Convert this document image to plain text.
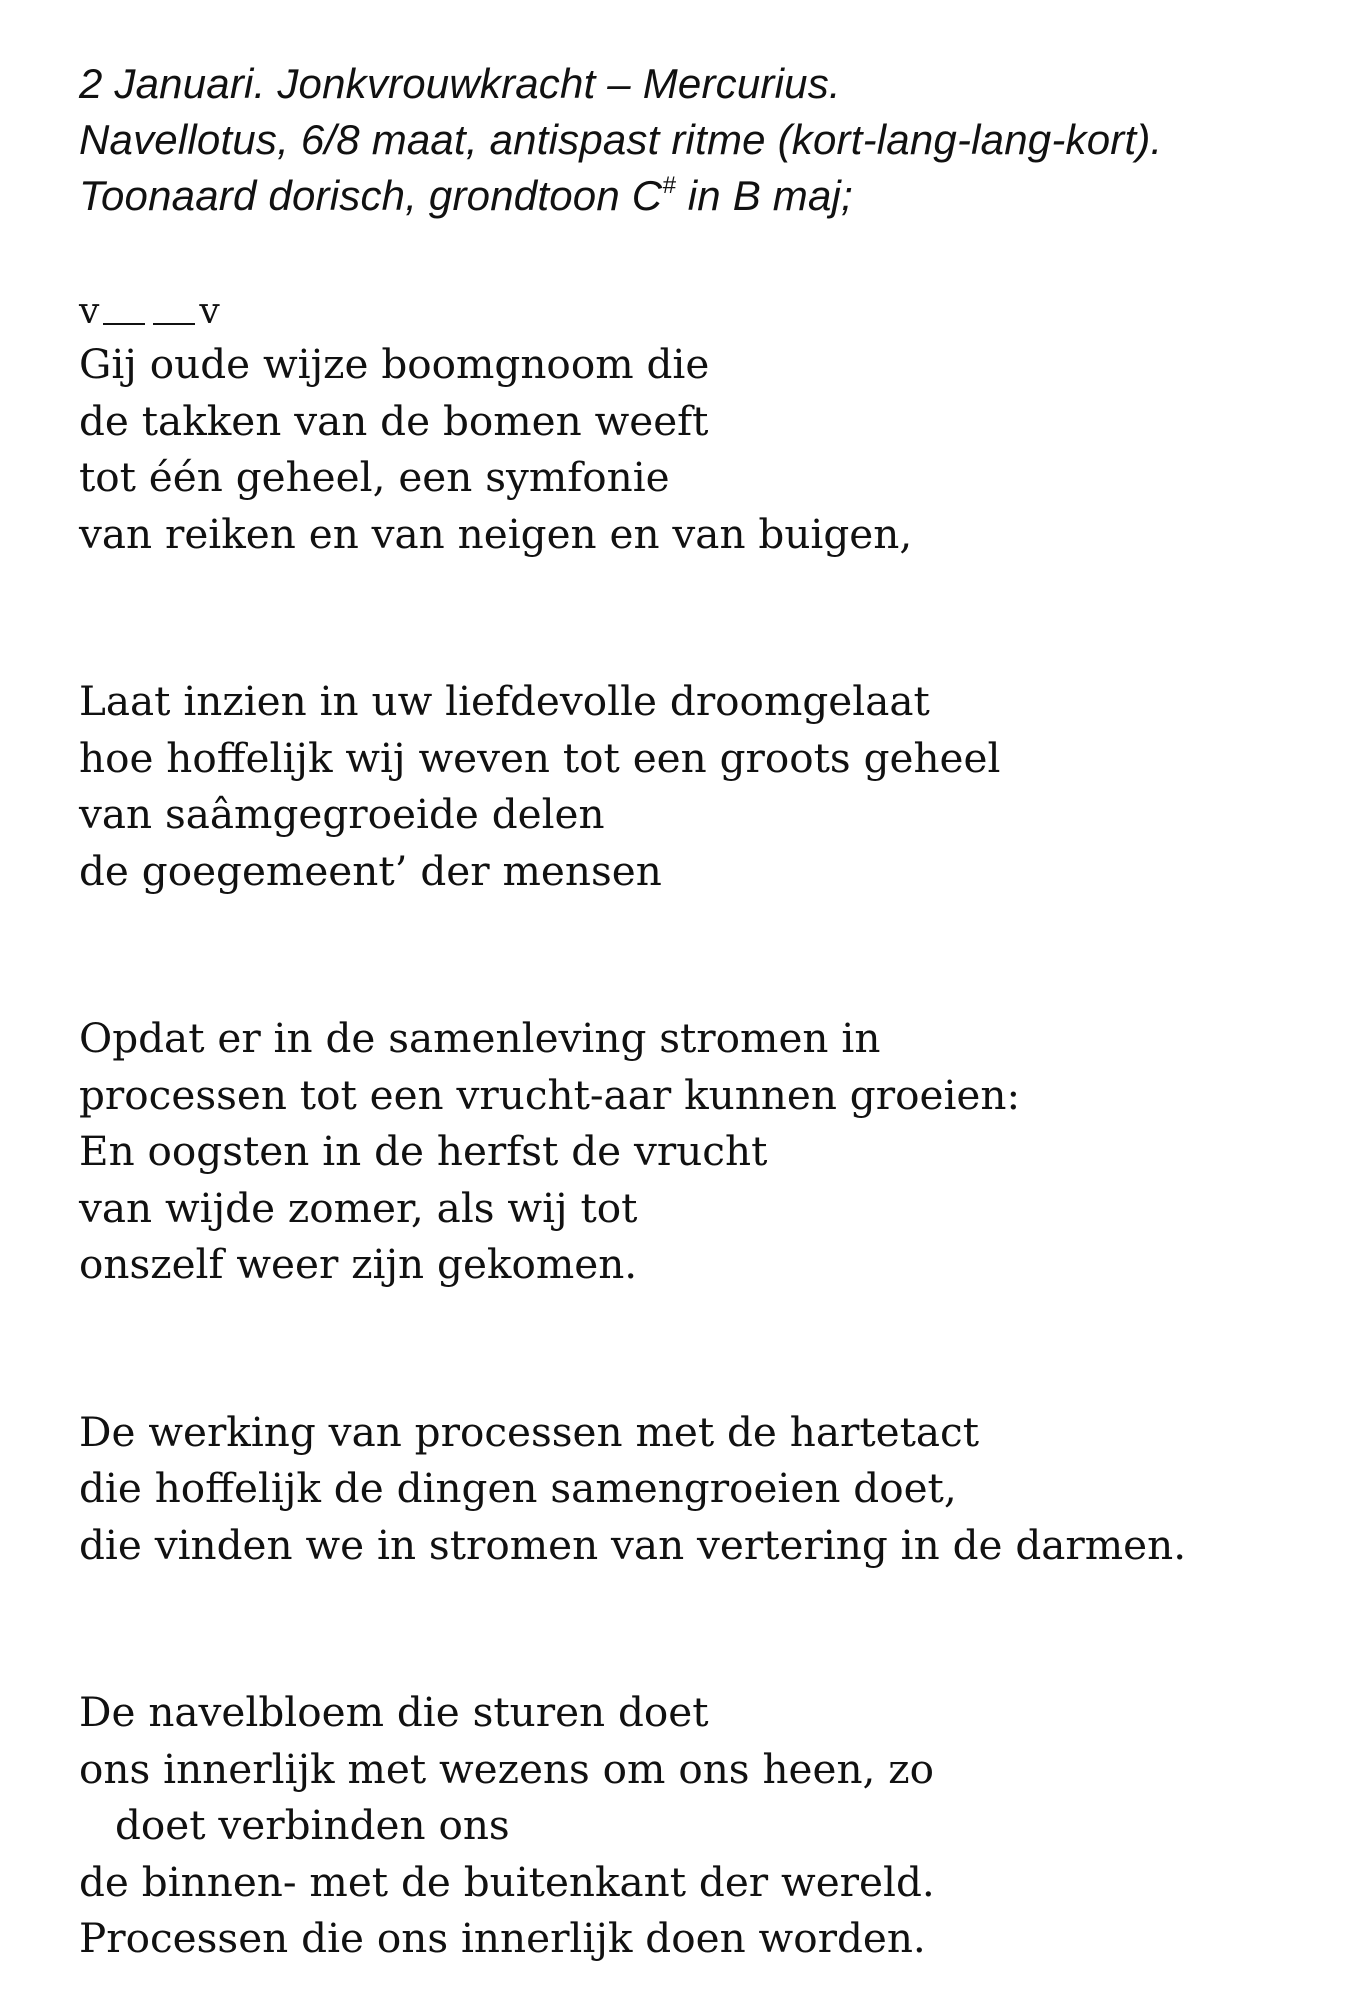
2 Januari. Jonkvrouwkracht – Mercurius.
Navellotus, 6/8 maat, antispast ritme (kort-lang-lang-kort).
Toonaard dorisch, grondtoon C# in B maj;
v	v
Gij oude wijze boomgnoom die
de takken van de bomen weeft
tot één geheel, een symfonie
van reiken en van neigen en van buigen,
Laat inzien in uw liefdevolle droomgelaat
hoe hoffelijk wij weven tot een groots geheel
van saâmgegroeide delen
de goegemeent’ der mensen
Opdat er in de samenleving stromen in
processen tot een vrucht-aar kunnen groeien:
En oogsten in de herfst de vrucht
van wijde zomer, als wij tot
onszelf weer zijn gekomen.
De werking van processen met de hartetact
die hoffelijk de dingen samengroeien doet,
die vinden we in stromen van vertering in de darmen.
De navelbloem die sturen doet
ons innerlijk met wezens om ons heen, zo
doet verbinden ons
de binnen- met de buitenkant der wereld.
Processen die ons innerlijk doen worden.
